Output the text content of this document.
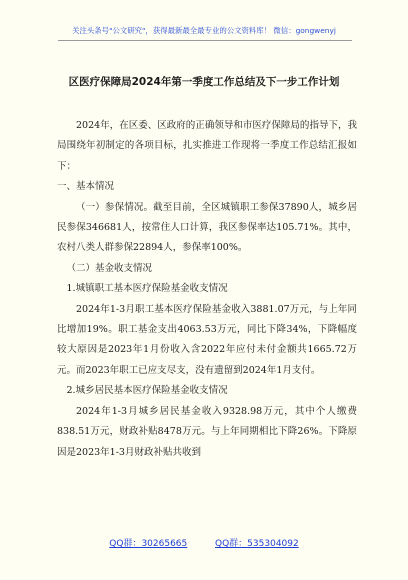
关注头条号"公文研究"，获得最新最全最专业的公文资料库！ 微信：gongwenyj
区医疗保障局2024年第一季度工作总结及下一步工作计划

2024年，在区委、区政府的正确领导和市医疗保障局的指导下，我局围绕年初制定的各项目标，扎实推进工作现将一季度工作总结汇报如下：

一、基本情况

（一）参保情况。截至目前，全区城镇职工参保37890人，城乡居民参保346681人，按常住人口计算，我区参保率达105.71%。其中，农村八类人群参保22894人，参保率100%。

（二）基金收支情况

1.城镇职工基本医疗保险基金收支情况

2024年1-3月职工基本医疗保险基金收入3881.07万元，与上年同比增加19%。职工基金支出4063.53万元，同比下降34%，下降幅度较大原因是2023年1月份收入含2022年应付未付金额共1665.72万元。而2023年职工已应支尽支，没有遗留到2024年1月支付。

2.城乡居民基本医疗保险基金收支情况

2024年1-3月城乡居民基金收入9328.98万元，其中个人缴费838.51万元，财政补贴8478万元。与上年同期相比下降26%。下降原因是2023年1-3月财政补贴共收到

QQ群：30265665	QQ群：535304092
